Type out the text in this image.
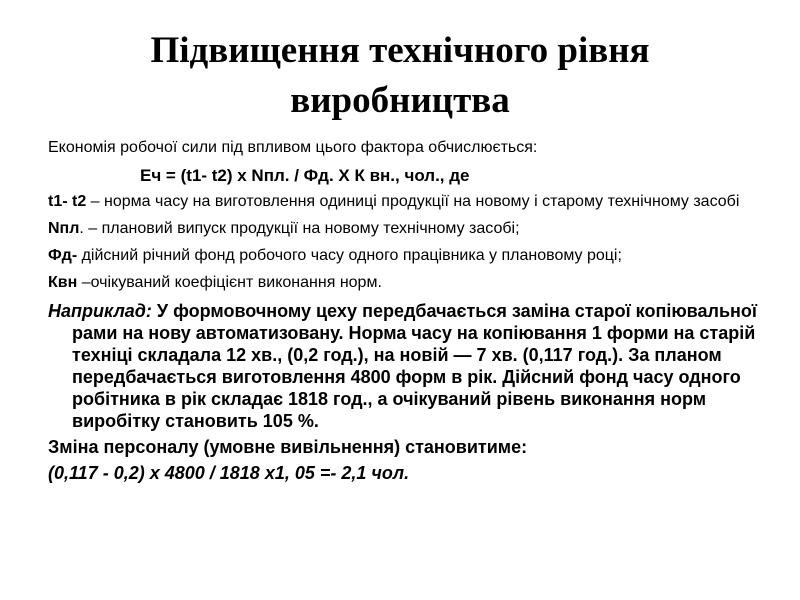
Підвищення технічного рівня
виробництва

Економія робочої сили під впливом цього фактора обчислюється:

Еч = (t1- t2) х Nпл. / Фд. Х К вн., чол., де

t1- t2 – норма часу на виготовлення одиниці продукції на новому і старому технічному засобі

Nпл. – плановий випуск продукції на новому технічному засобі;

Фд- дійсний річний фонд робочого часу одного працівника у плановому році;

Квн –очікуваний коефіцієнт виконання норм.

Наприклад: У формовочному цеху передбачається заміна старої копіювальної рами на нову автоматизовану. Норма часу на копіювання 1 форми на старій техніці складала 12 хв., (0,2 год.), на новій — 7 хв. (0,117 год.). За планом передбачається виготовлення 4800 форм в рік. Дійсний фонд часу одного робітника в рік складає 1818 год., а очікуваний рівень виконання норм виробітку становить 105 %.

Зміна персоналу (умовне вивільнення) становитиме:

(0,117 - 0,2) х 4800 / 1818 х1, 05 =- 2,1 чол.
